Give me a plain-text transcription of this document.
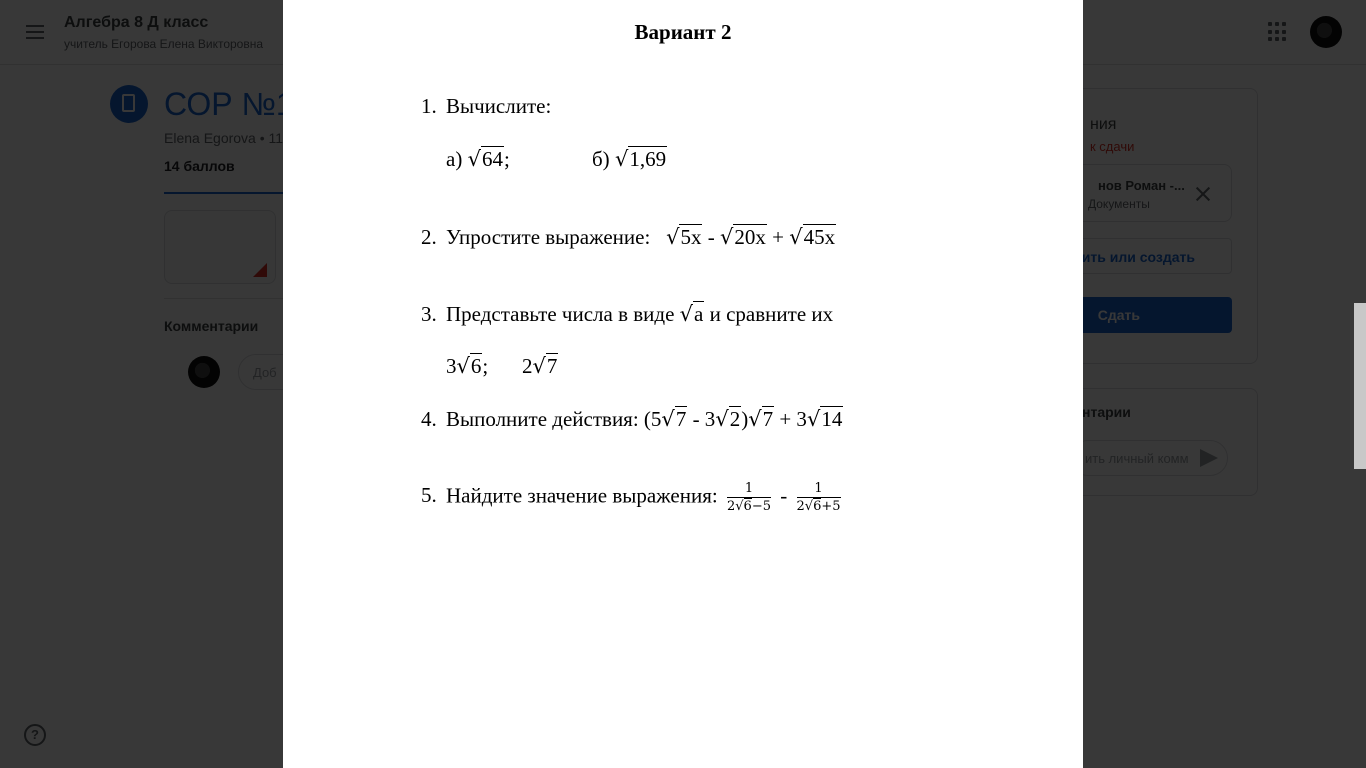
Вариант 2
1. Вычислите:
а) √64;	б) √1,69
2. Упростите выражение: √5x - √20x + √45x
3. Представьте числа в виде √a и сравните их
3√6; 2√7
4. Выполните действия: (5√7 - 3√2)√7 + 3√14
5. Найдите значение выражения: $\frac{1}{2√6-5} - \frac{1}{2√6+5}$
